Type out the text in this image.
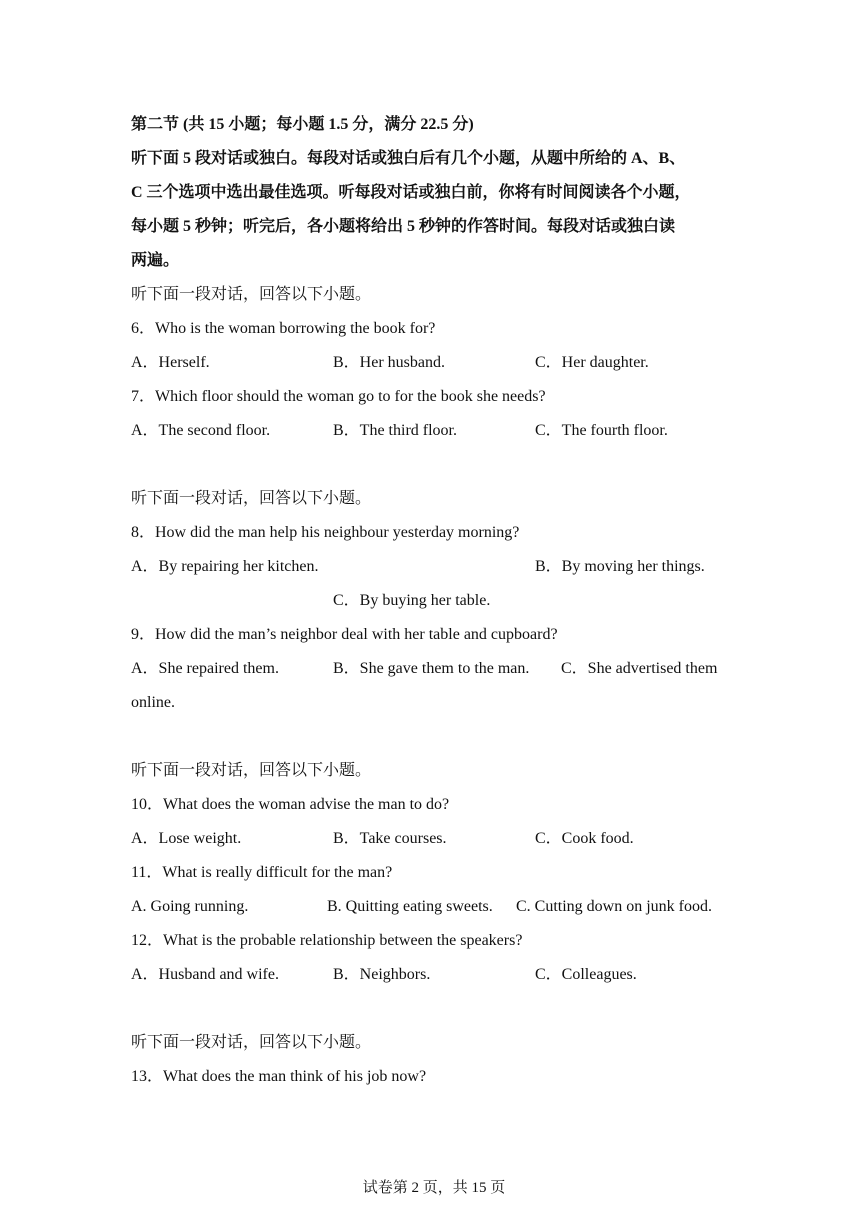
第二节 (共 15 小题；每小题 1.5 分，满分 22.5 分)
听下面 5 段对话或独白。每段对话或独白后有几个小题，从题中所给的 A、B、
C 三个选项中选出最佳选项。听每段对话或独白前，你将有时间阅读各个小题，
每小题 5 秒钟；听完后，各小题将给出 5 秒钟的作答时间。每段对话或独白读
两遍。
听下面一段对话，回答以下小题。
6．Who is the woman borrowing the book for?
A．Herself.	B．Her husband.	C．Her daughter.
7．Which floor should the woman go to for the book she needs?
A．The second floor.	B．The third floor.	C．The fourth floor.
听下面一段对话，回答以下小题。
8．How did the man help his neighbour yesterday morning?
A．By repairing her kitchen.	B．By moving her things.
C．By buying her table.
9．How did the man’s neighbor deal with her table and cupboard?
A．She repaired them.	B．She gave them to the man. C．She advertised them
online.
听下面一段对话，回答以下小题。
10．What does the woman advise the man to do?
A．Lose weight.	B．Take courses.	C．Cook food.
11．What is really difficult for the man?
A. Going running.	B. Quitting eating sweets. C. Cutting down on junk food.
12．What is the probable relationship between the speakers?
A．Husband and wife.	B．Neighbors.	C．Colleagues.
听下面一段对话，回答以下小题。
13．What does the man think of his job now?
试卷第 2 页，共 15 页
